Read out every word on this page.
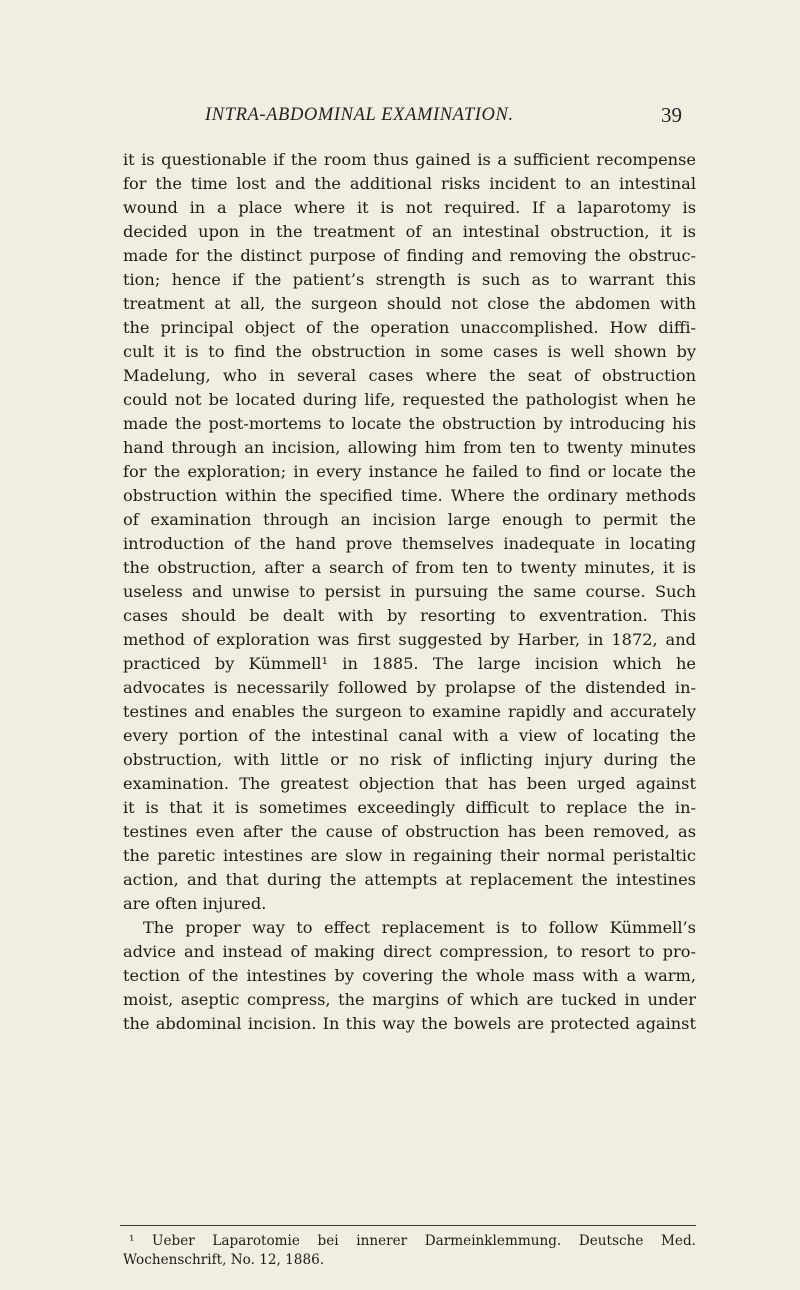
INTRA-ABDOMINAL EXAMINATION.	39
it is questionable if the room thus gained is a sufficient recompense
for the time lost and the additional risks incident to an intestinal
wound in a place where it is not required. If a laparotomy is
decided upon in the treatment of an intestinal obstruction, it is
made for the distinct purpose of finding and removing the obstruc-
tion; hence if the patient’s strength is such as to warrant this
treatment at all, the surgeon should not close the abdomen with
the principal object of the operation unaccomplished. How diffi-
cult it is to find the obstruction in some cases is well shown by
Madelung, who in several cases where the seat of obstruction
could not be located during life, requested the pathologist when he
made the post-mortems to locate the obstruction by introducing his
hand through an incision, allowing him from ten to twenty minutes
for the exploration; in every instance he failed to find or locate the
obstruction within the specified time. Where the ordinary methods
of examination through an incision large enough to permit the
introduction of the hand prove themselves inadequate in locating
the obstruction, after a search of from ten to twenty minutes, it is
useless and unwise to persist in pursuing the same course. Such
cases should be dealt with by resorting to exventration. This
method of exploration was first suggested by Harber, in 1872, and
practiced by Kümmell¹ in 1885. The large incision which he
advocates is necessarily followed by prolapse of the distended in-
testines and enables the surgeon to examine rapidly and accurately
every portion of the intestinal canal with a view of locating the
obstruction, with little or no risk of inflicting injury during the
examination. The greatest objection that has been urged against
it is that it is sometimes exceedingly difficult to replace the in-
testines even after the cause of obstruction has been removed, as
the paretic intestines are slow in regaining their normal peristaltic
action, and that during the attempts at replacement the intestines
are often injured.
The proper way to effect replacement is to follow Kümmell’s
advice and instead of making direct compression, to resort to pro-
tection of the intestines by covering the whole mass with a warm,
moist, aseptic compress, the margins of which are tucked in under
the abdominal incision. In this way the bowels are protected against
¹ Ueber Laparotomie bei innerer Darmeinklemmung. Deutsche Med.
Wochenschrift, No. 12, 1886.
